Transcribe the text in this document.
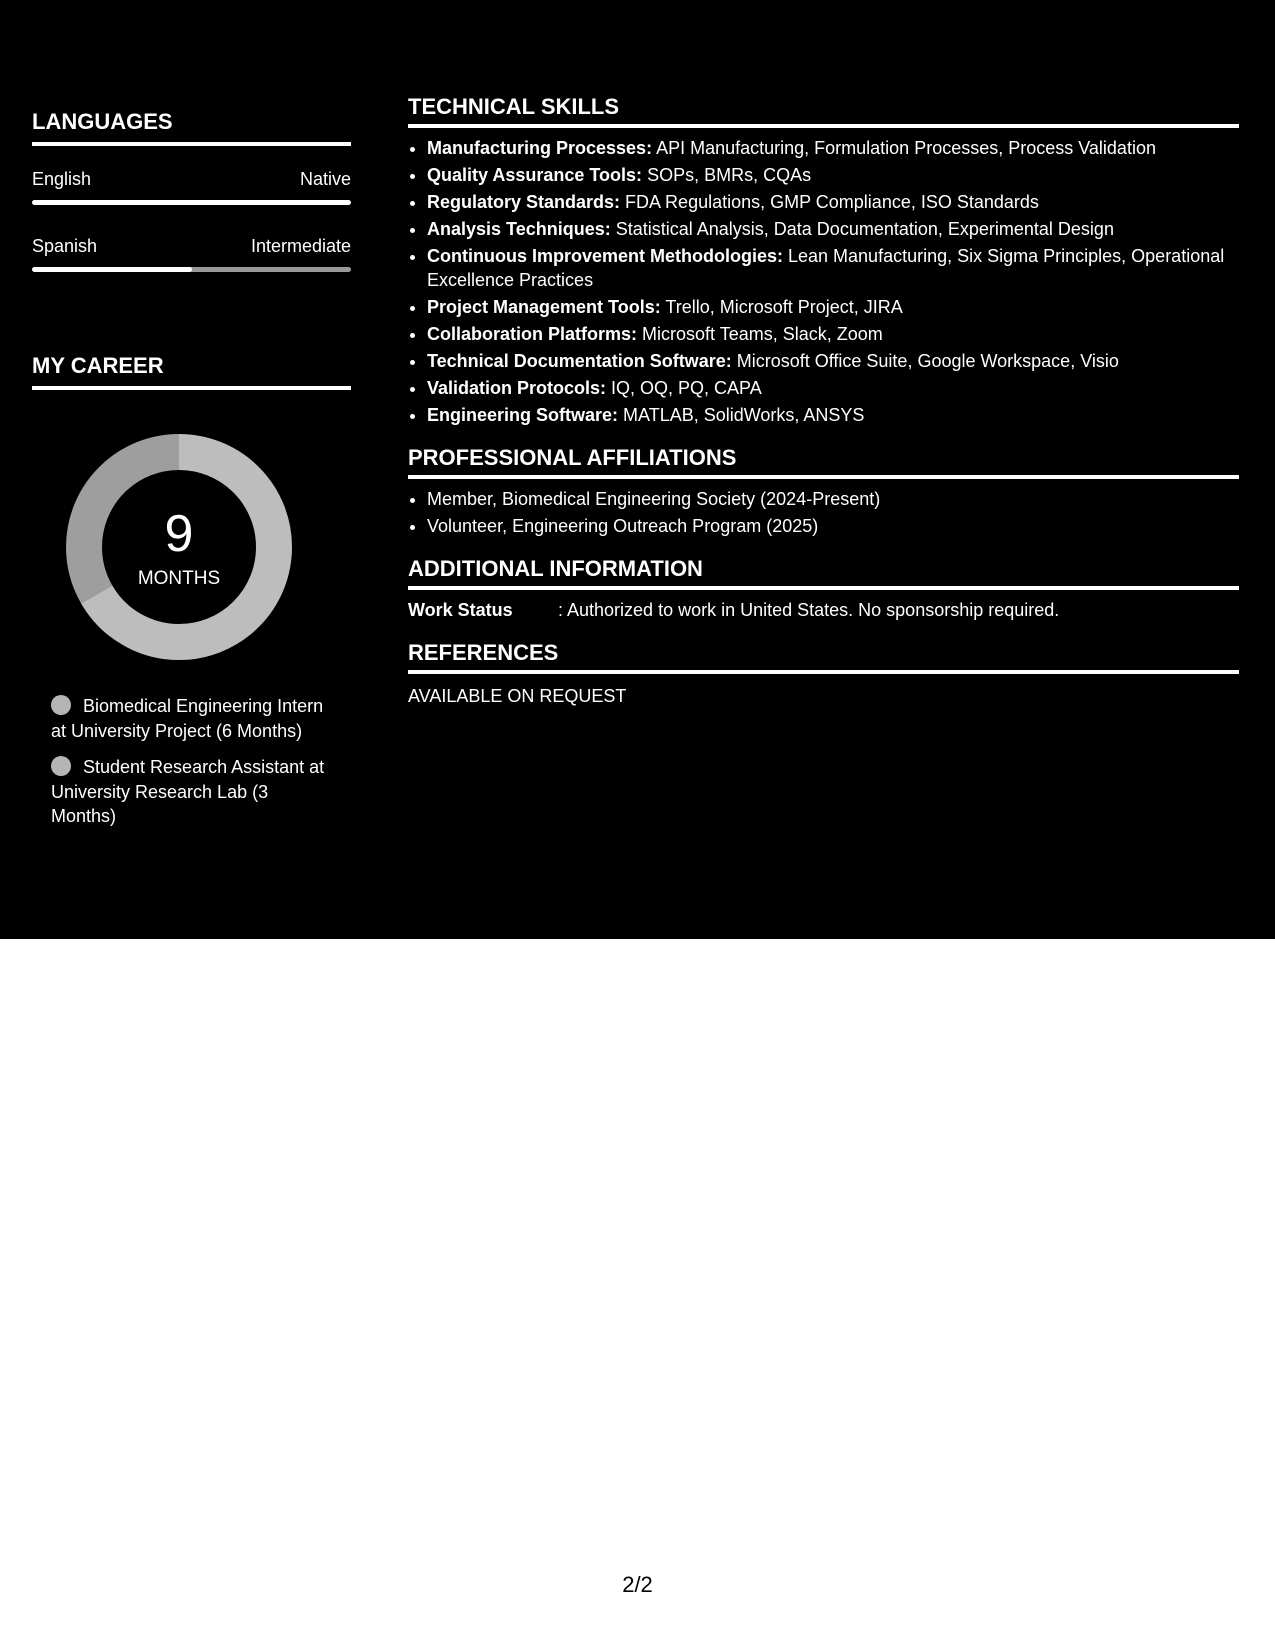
LANGUAGES
English	Native
Spanish	Intermediate
MY CAREER
9
MONTHS
Biomedical Engineering Intern at University Project (6 Months)
Student Research Assistant at University Research Lab (3 Months)
TECHNICAL SKILLS
• Manufacturing Processes: API Manufacturing, Formulation Processes, Process Validation
• Quality Assurance Tools: SOPs, BMRs, CQAs
• Regulatory Standards: FDA Regulations, GMP Compliance, ISO Standards
• Analysis Techniques: Statistical Analysis, Data Documentation, Experimental Design
• Continuous Improvement Methodologies: Lean Manufacturing, Six Sigma Principles, Operational Excellence Practices
• Project Management Tools: Trello, Microsoft Project, JIRA
• Collaboration Platforms: Microsoft Teams, Slack, Zoom
• Technical Documentation Software: Microsoft Office Suite, Google Workspace, Visio
• Validation Protocols: IQ, OQ, PQ, CAPA
• Engineering Software: MATLAB, SolidWorks, ANSYS
PROFESSIONAL AFFILIATIONS
• Member, Biomedical Engineering Society (2024-Present)
• Volunteer, Engineering Outreach Program (2025)
ADDITIONAL INFORMATION
Work Status	: Authorized to work in United States. No sponsorship required.
REFERENCES
AVAILABLE ON REQUEST
2/2
